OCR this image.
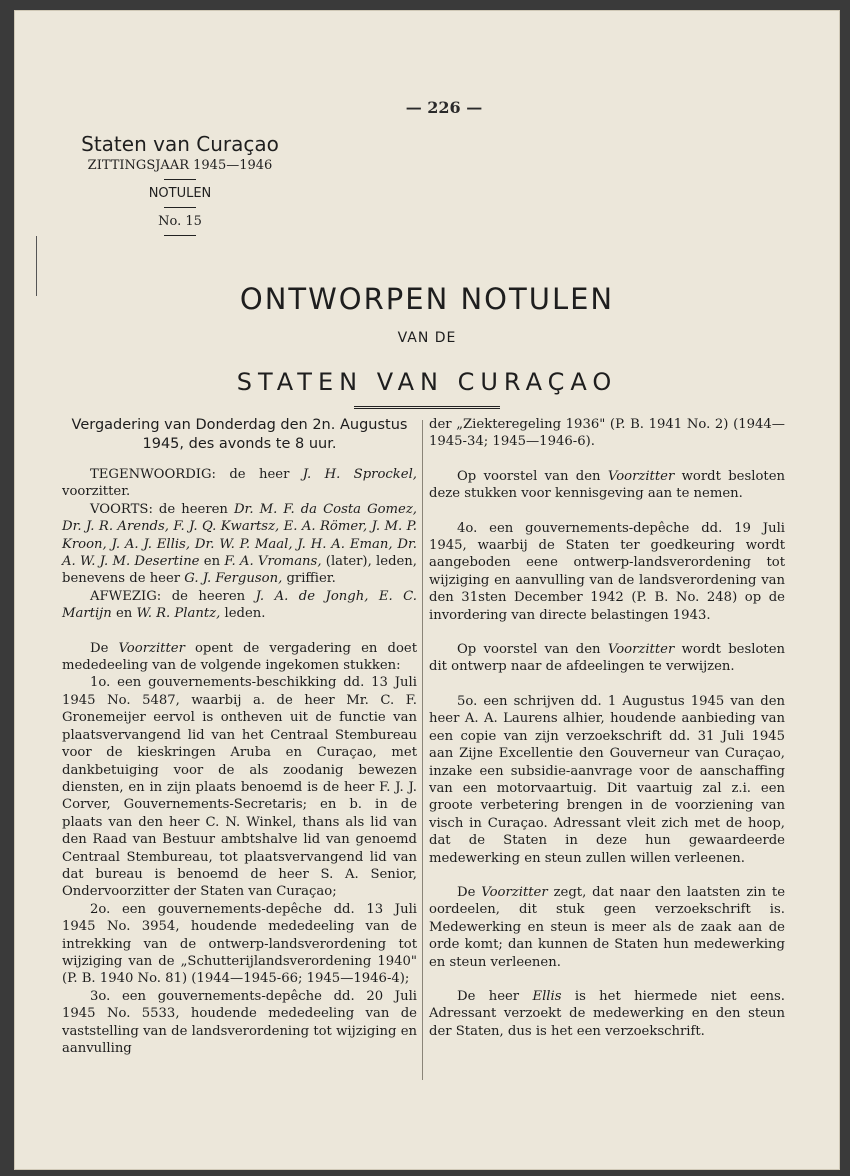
— 226 —
Staten van Curaçao
ZITTINGSJAAR 1945—1946
NOTULEN
No. 15
ONTWORPEN NOTULEN
VAN DE
STATEN VAN CURAÇAO

Vergadering van Donderdag den 2n. Augustus 1945, des avonds te 8 uur.

TEGENWOORDIG: de heer J. H. Sprockel, voorzitter.

VOORTS: de heeren Dr. M. F. da Costa Gomez, Dr. J. R. Arends, F. J. Q. Kwartsz, E. A. Römer, J. M. P. Kroon, J. A. J. Ellis, Dr. W. P. Maal, J. H. A. Eman, Dr. A. W. J. M. Desertine en F. A. Vromans, (later), leden, benevens de heer G. J. Ferguson, griffier.

AFWEZIG: de heeren J. A. de Jongh, E. C. Martijn en W. R. Plantz, leden.

De Voorzitter opent de vergadering en doet mededeeling van de volgende ingekomen stukken:

1o. een gouvernements-beschikking dd. 13 Juli 1945 No. 5487, waarbij a. de heer Mr. C. F. Gronemeijer eervol is ontheven uit de functie van plaatsvervangend lid van het Centraal Stembureau voor de kieskringen Aruba en Curaçao, met dankbetuiging voor de als zoodanig bewezen diensten, en in zijn plaats benoemd is de heer F. J. J. Corver, Gouvernements-Secretaris; en b. in de plaats van den heer C. N. Winkel, thans als lid van den Raad van Bestuur ambtshalve lid van genoemd Centraal Stembureau, tot plaatsvervangend lid van dat bureau is benoemd de heer S. A. Senior, Ondervoorzitter der Staten van Curaçao;

2o. een gouvernements-depêche dd. 13 Juli 1945 No. 3954, houdende mededeeling van de intrekking van de ontwerp-landsverordening tot wijziging van de „Schutterijlandsverordening 1940" (P. B. 1940 No. 81) (1944—1945-66; 1945—1946-4);

3o. een gouvernements-depêche dd. 20 Juli 1945 No. 5533, houdende mededeeling van de vaststelling van de landsverordening tot wijziging en aanvulling

der „Ziekteregeling 1936" (P. B. 1941 No. 2) (1944—1945-34; 1945—1946-6).

Op voorstel van den Voorzitter wordt besloten deze stukken voor kennisgeving aan te nemen.

4o. een gouvernements-depêche dd. 19 Juli 1945, waarbij de Staten ter goedkeuring wordt aangeboden eene ontwerp-landsverordening tot wijziging en aanvulling van de landsverordening van den 31sten December 1942 (P. B. No. 248) op de invordering van directe belastingen 1943.

Op voorstel van den Voorzitter wordt besloten dit ontwerp naar de afdeelingen te verwijzen.

5o. een schrijven dd. 1 Augustus 1945 van den heer A. A. Laurens alhier, houdende aanbieding van een copie van zijn verzoekschrift dd. 31 Juli 1945 aan Zijne Excellentie den Gouverneur van Curaçao, inzake een subsidie-aanvrage voor de aanschaffing van een motorvaartuig. Dit vaartuig zal z.i. een groote verbetering brengen in de voorziening van visch in Curaçao. Adressant vleit zich met de hoop, dat de Staten in deze hun gewaardeerde medewerking en steun zullen willen verleenen.

De Voorzitter zegt, dat naar den laatsten zin te oordeelen, dit stuk geen verzoekschrift is. Medewerking en steun is meer als de zaak aan de orde komt; dan kunnen de Staten hun medewerking en steun verleenen.

De heer Ellis is het hiermede niet eens. Adressant verzoekt de medewerking en den steun der Staten, dus is het een verzoekschrift.
